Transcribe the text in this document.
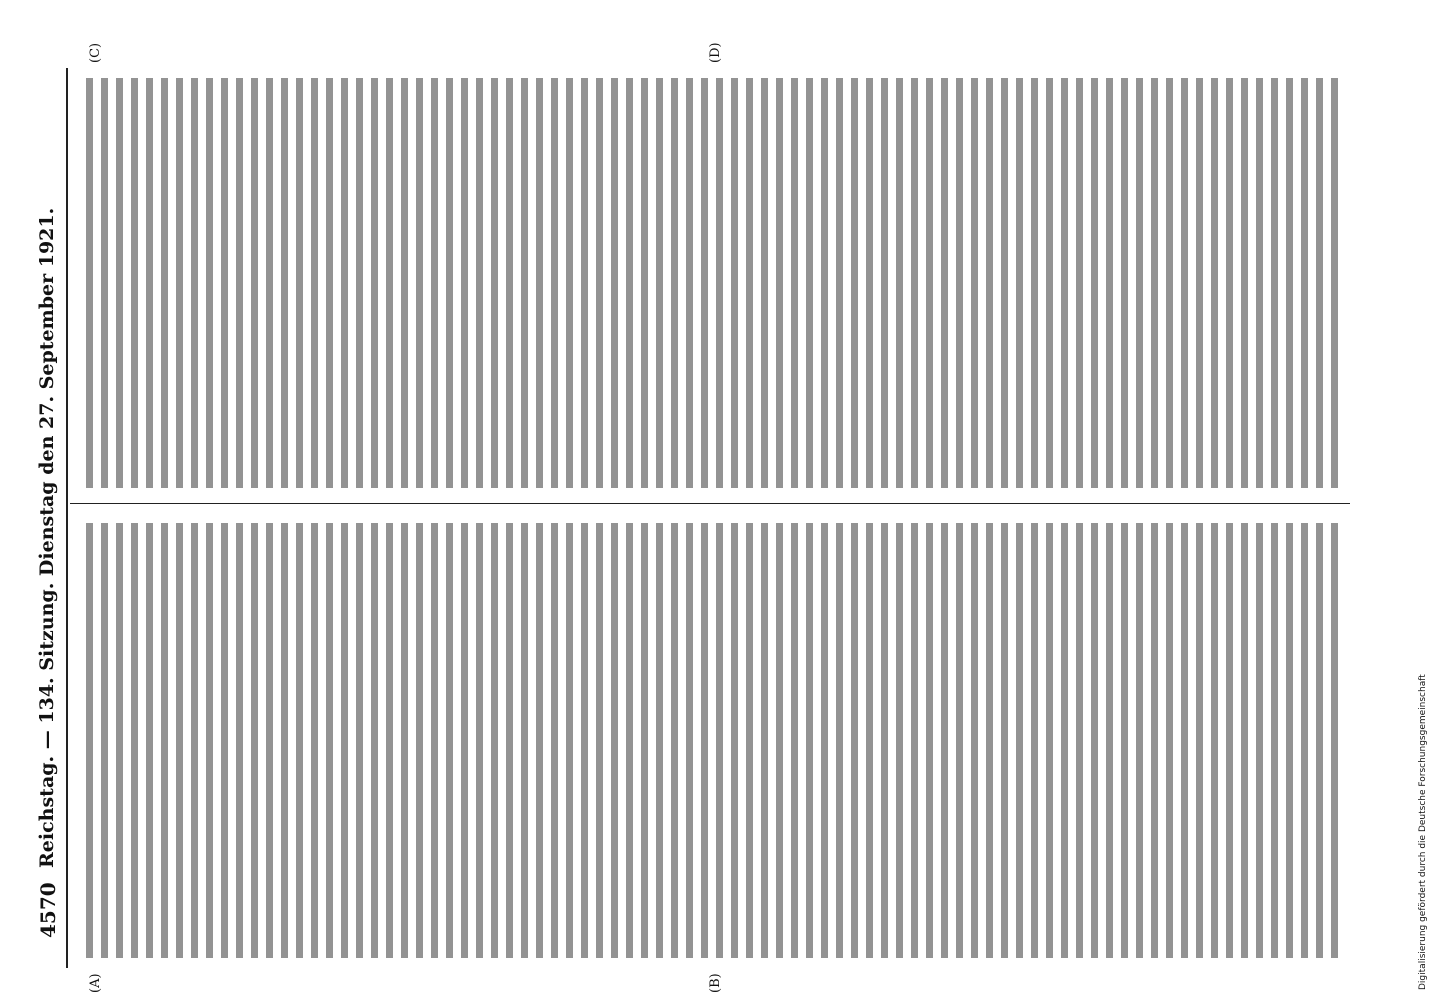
4570
Reichstag. — 134. Sitzung. Dienstag den 27. September 1921.
(A)	(B)
(C)	(D)
Digitalisierung gefördert durch die Deutsche Forschungsgemeinschaft
